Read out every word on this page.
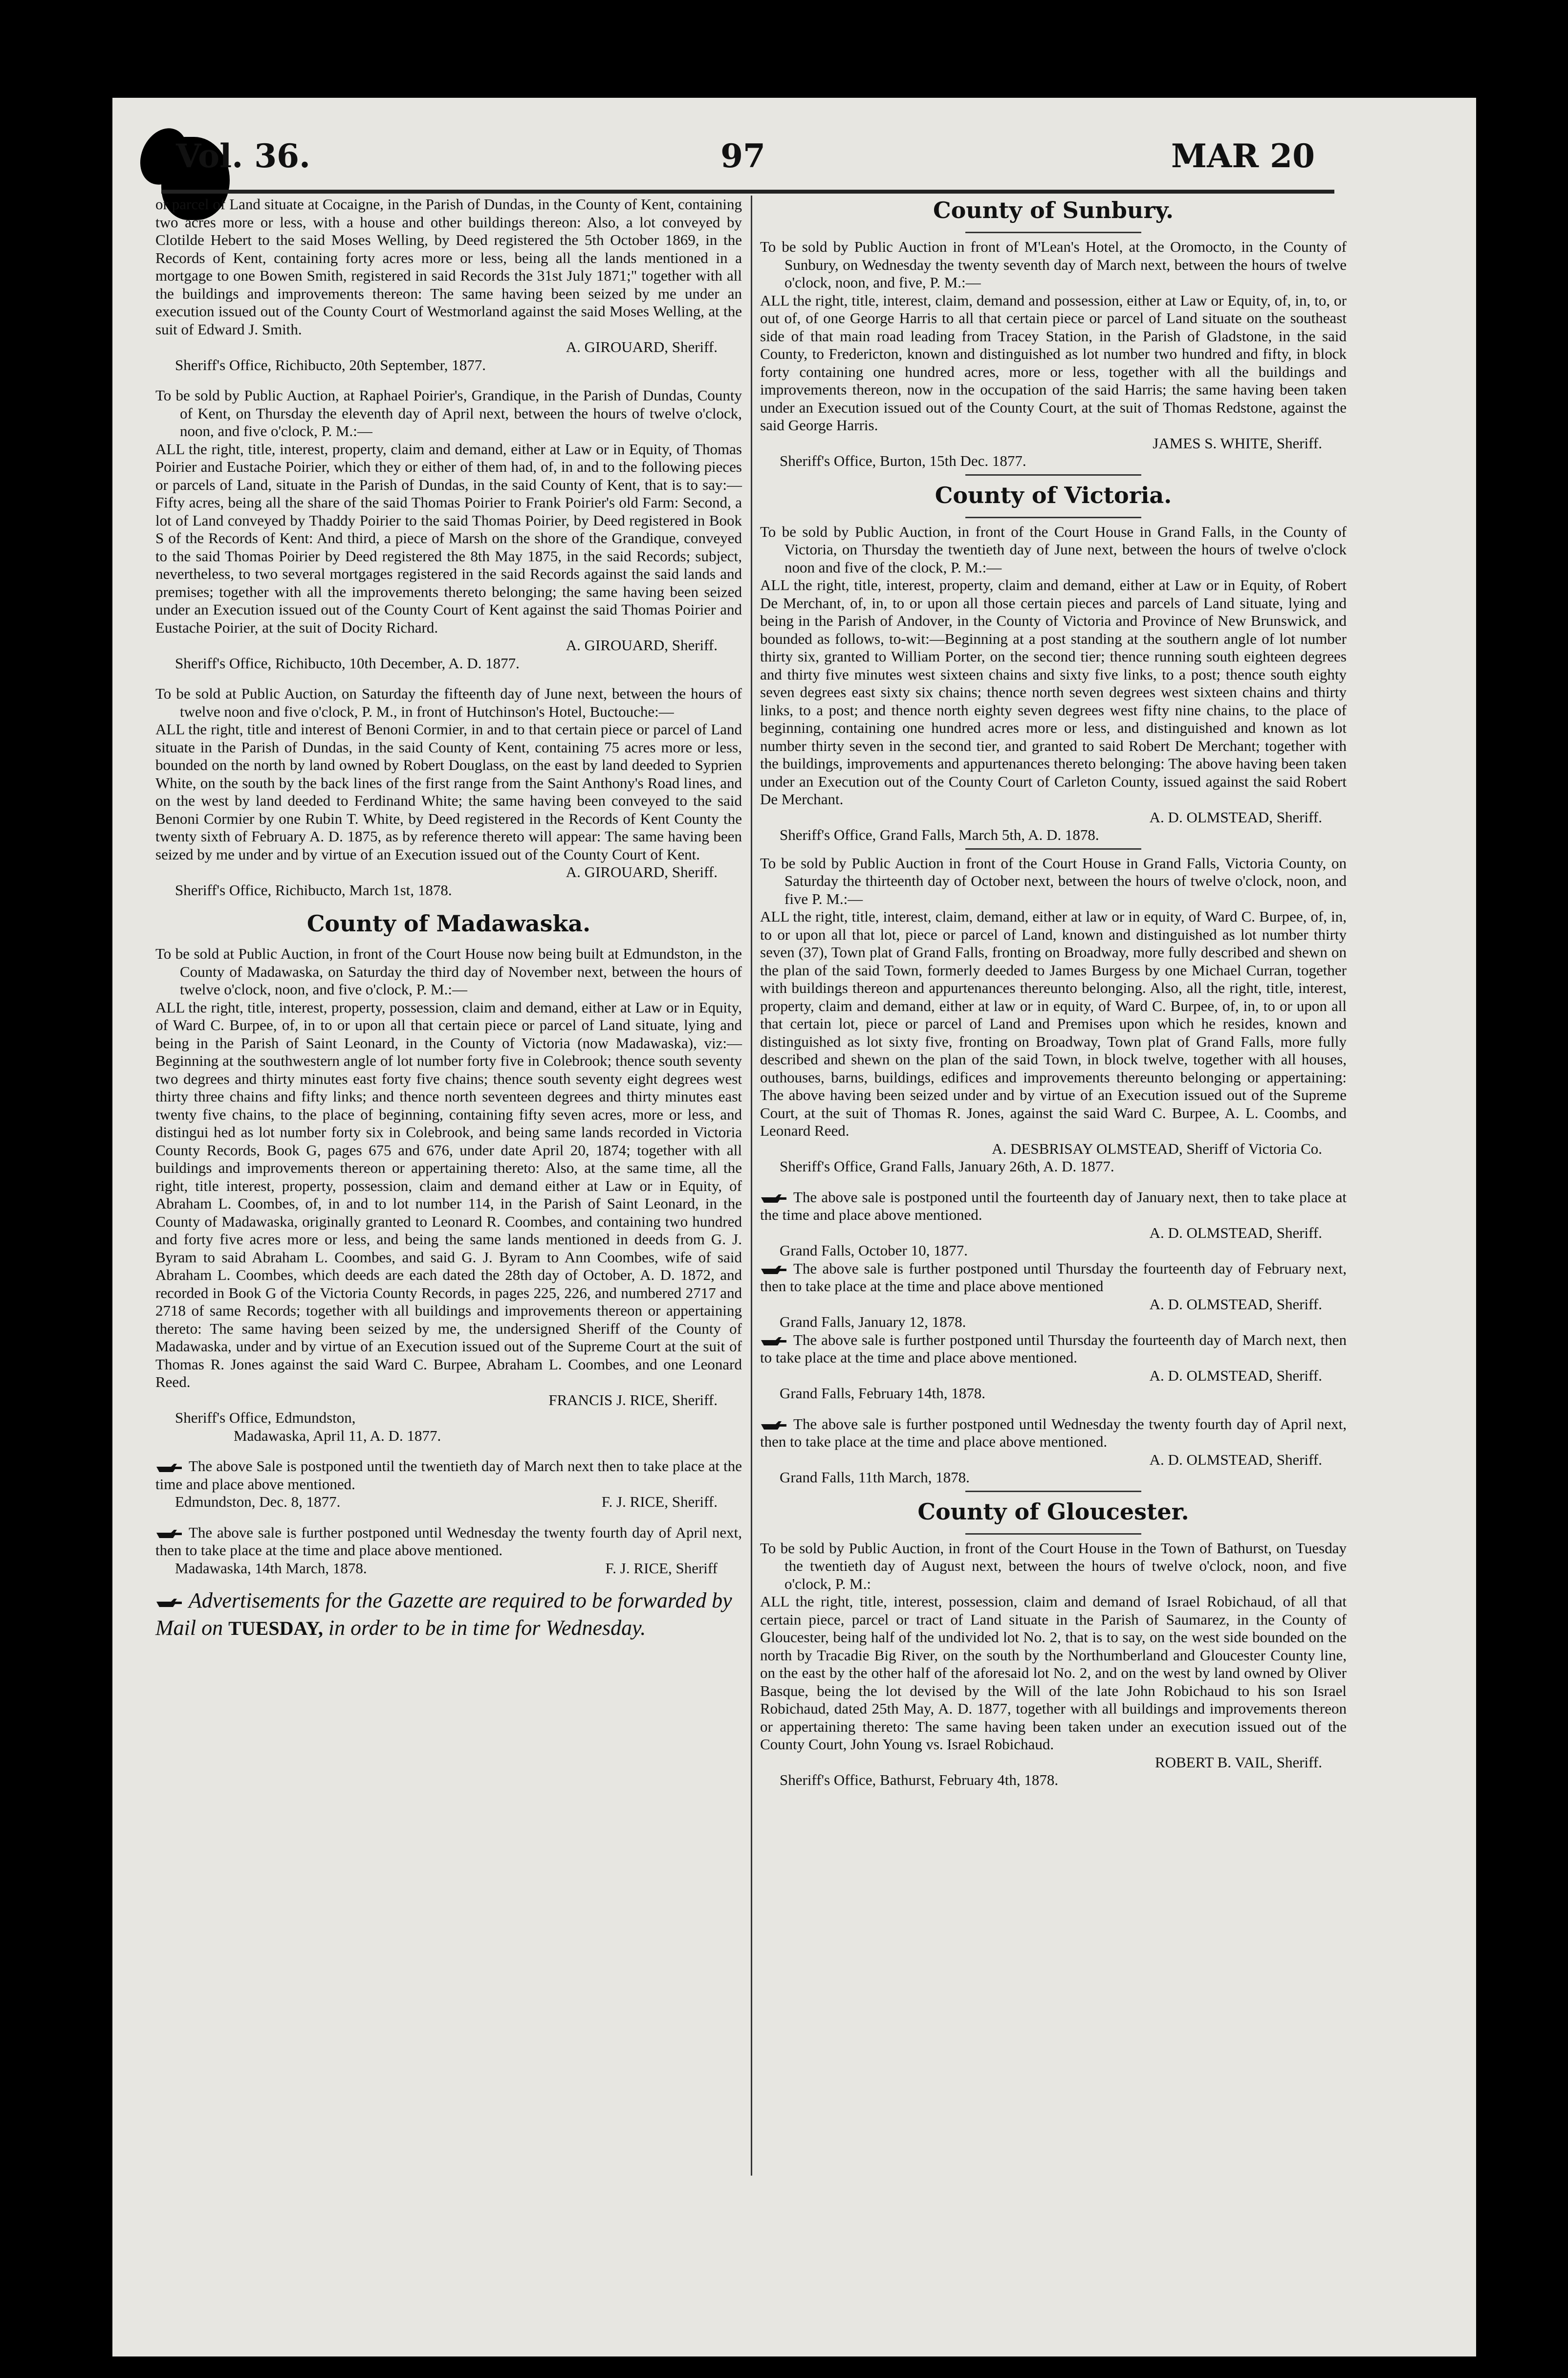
Vol. 36.	97	MAR 20

or parcel of Land situate at Cocaigne, in the Parish of Dundas, in the County of Kent, containing two acres more or less, with a house and other buildings thereon: Also, a lot conveyed by Clotilde Hebert to the said Moses Welling, by Deed registered the 5th October 1869, in the Records of Kent, containing forty acres more or less, being all the lands mentioned in a mortgage to one Bowen Smith, registered in said Records the 31st July 1871;" together with all the buildings and improvements thereon: The same having been seized by me under an execution issued out of the County Court of Westmorland against the said Moses Welling, at the suit of Edward J. Smith.

A. GIROUARD, Sheriff.

Sheriff's Office, Richibucto, 20th September, 1877.

To be sold by Public Auction, at Raphael Poirier's, Grandique, in the Parish of Dundas, County of Kent, on Thursday the eleventh day of April next, between the hours of twelve o'clock, noon, and five o'clock, P. M.:—

ALL the right, title, interest, property, claim and demand, either at Law or in Equity, of Thomas Poirier and Eustache Poirier, which they or either of them had, of, in and to the following pieces or parcels of Land, situate in the Parish of Dundas, in the said County of Kent, that is to say:—Fifty acres, being all the share of the said Thomas Poirier to Frank Poirier's old Farm: Second, a lot of Land conveyed by Thaddy Poirier to the said Thomas Poirier, by Deed registered in Book S of the Records of Kent: And third, a piece of Marsh on the shore of the Grandique, conveyed to the said Thomas Poirier by Deed registered the 8th May 1875, in the said Records; subject, nevertheless, to two several mortgages registered in the said Records against the said lands and premises; together with all the improvements thereto belonging; the same having been seized under an Execution issued out of the County Court of Kent against the said Thomas Poirier and Eustache Poirier, at the suit of Docity Richard.

A. GIROUARD, Sheriff.

Sheriff's Office, Richibucto, 10th December, A. D. 1877.

To be sold at Public Auction, on Saturday the fifteenth day of June next, between the hours of twelve noon and five o'clock, P. M., in front of Hutchinson's Hotel, Buctouche:—

ALL the right, title and interest of Benoni Cormier, in and to that certain piece or parcel of Land situate in the Parish of Dundas, in the said County of Kent, containing 75 acres more or less, bounded on the north by land owned by Robert Douglass, on the east by land deeded to Syprien White, on the south by the back lines of the first range from the Saint Anthony's Road lines, and on the west by land deeded to Ferdinand White; the same having been conveyed to the said Benoni Cormier by one Rubin T. White, by Deed registered in the Records of Kent County the twenty sixth of February A. D. 1875, as by reference thereto will appear: The same having been seized by me under and by virtue of an Execution issued out of the County Court of Kent.

A. GIROUARD, Sheriff.

Sheriff's Office, Richibucto, March 1st, 1878.

County of Madawaska.

To be sold at Public Auction, in front of the Court House now being built at Edmundston, in the County of Madawaska, on Saturday the third day of November next, between the hours of twelve o'clock, noon, and five o'clock, P. M.:—

ALL the right, title, interest, property, possession, claim and demand, either at Law or in Equity, of Ward C. Burpee, of, in to or upon all that certain piece or parcel of Land situate, lying and being in the Parish of Saint Leonard, in the County of Victoria (now Madawaska), viz:—Beginning at the southwestern angle of lot number forty five in Colebrook; thence south seventy two degrees and thirty minutes east forty five chains; thence south seventy eight degrees west thirty three chains and fifty links; and thence north seventeen degrees and thirty minutes east twenty five chains, to the place of beginning, containing fifty seven acres, more or less, and distingui hed as lot number forty six in Colebrook, and being same lands recorded in Victoria County Records, Book G, pages 675 and 676, under date April 20, 1874; together with all buildings and improvements thereon or appertaining thereto: Also, at the same time, all the right, title interest, property, possession, claim and demand either at Law or in Equity, of Abraham L. Coombes, of, in and to lot number 114, in the Parish of Saint Leonard, in the County of Madawaska, originally granted to Leonard R. Coombes, and containing two hundred and forty five acres more or less, and being the same lands mentioned in deeds from G. J. Byram to said Abraham L. Coombes, and said G. J. Byram to Ann Coombes, wife of said Abraham L. Coombes, which deeds are each dated the 28th day of October, A. D. 1872, and recorded in Book G of the Victoria County Records, in pages 225, 226, and numbered 2717 and 2718 of same Records; together with all buildings and improvements thereon or appertaining thereto: The same having been seized by me, the undersigned Sheriff of the County of Madawaska, under and by virtue of an Execution issued out of the Supreme Court at the suit of Thomas R. Jones against the said Ward C. Burpee, Abraham L. Coombes, and one Leonard Reed.

FRANCIS J. RICE, Sheriff.

Sheriff's Office, Edmundston,

Madawaska, April 11, A. D. 1877.

The above Sale is postponed until the twentieth day of March next then to take place at the time and place above mentioned.

Edmundston, Dec. 8, 1877.	F. J. RICE, Sheriff.

The above sale is further postponed until Wednesday the twenty fourth day of April next, then to take place at the time and place above mentioned.

Madawaska, 14th March, 1878.	F. J. RICE, Sheriff

Advertisements for the Gazette are required to be forwarded by Mail on TUESDAY, in order to be in time for Wednesday.

County of Sunbury.

To be sold by Public Auction in front of M'Lean's Hotel, at the Oromocto, in the County of Sunbury, on Wednesday the twenty seventh day of March next, between the hours of twelve o'clock, noon, and five, P. M.:—

ALL the right, title, interest, claim, demand and possession, either at Law or Equity, of, in, to, or out of, of one George Harris to all that certain piece or parcel of Land situate on the southeast side of that main road leading from Tracey Station, in the Parish of Gladstone, in the said County, to Fredericton, known and distinguished as lot number two hundred and fifty, in block forty containing one hundred acres, more or less, together with all the buildings and improvements thereon, now in the occupation of the said Harris; the same having been taken under an Execution issued out of the County Court, at the suit of Thomas Redstone, against the said George Harris.

JAMES S. WHITE, Sheriff.

Sheriff's Office, Burton, 15th Dec. 1877.

County of Victoria.

To be sold by Public Auction, in front of the Court House in Grand Falls, in the County of Victoria, on Thursday the twentieth day of June next, between the hours of twelve o'clock noon and five of the clock, P. M.:—

ALL the right, title, interest, property, claim and demand, either at Law or in Equity, of Robert De Merchant, of, in, to or upon all those certain pieces and parcels of Land situate, lying and being in the Parish of Andover, in the County of Victoria and Province of New Brunswick, and bounded as follows, to-wit:—Beginning at a post standing at the southern angle of lot number thirty six, granted to William Porter, on the second tier; thence running south eighteen degrees and thirty five minutes west sixteen chains and sixty five links, to a post; thence south eighty seven degrees east sixty six chains; thence north seven degrees west sixteen chains and thirty links, to a post; and thence north eighty seven degrees west fifty nine chains, to the place of beginning, containing one hundred acres more or less, and distinguished and known as lot number thirty seven in the second tier, and granted to said Robert De Merchant; together with the buildings, improvements and appurtenances thereto belonging: The above having been taken under an Execution out of the County Court of Carleton County, issued against the said Robert De Merchant.

A. D. OLMSTEAD, Sheriff.

Sheriff's Office, Grand Falls, March 5th, A. D. 1878.

To be sold by Public Auction in front of the Court House in Grand Falls, Victoria County, on Saturday the thirteenth day of October next, between the hours of twelve o'clock, noon, and five P. M.:—

ALL the right, title, interest, claim, demand, either at law or in equity, of Ward C. Burpee, of, in, to or upon all that lot, piece or parcel of Land, known and distinguished as lot number thirty seven (37), Town plat of Grand Falls, fronting on Broadway, more fully described and shewn on the plan of the said Town, formerly deeded to James Burgess by one Michael Curran, together with buildings thereon and appurtenances thereunto belonging. Also, all the right, title, interest, property, claim and demand, either at law or in equity, of Ward C. Burpee, of, in, to or upon all that certain lot, piece or parcel of Land and Premises upon which he resides, known and distinguished as lot sixty five, fronting on Broadway, Town plat of Grand Falls, more fully described and shewn on the plan of the said Town, in block twelve, together with all houses, outhouses, barns, buildings, edifices and improvements thereunto belonging or appertaining: The above having been seized under and by virtue of an Execution issued out of the Supreme Court, at the suit of Thomas R. Jones, against the said Ward C. Burpee, A. L. Coombs, and Leonard Reed.

A. DESBRISAY OLMSTEAD, Sheriff of Victoria Co.

Sheriff's Office, Grand Falls, January 26th, A. D. 1877.

The above sale is postponed until the fourteenth day of January next, then to take place at the time and place above mentioned.

A. D. OLMSTEAD, Sheriff.

Grand Falls, October 10, 1877.

The above sale is further postponed until Thursday the fourteenth day of February next, then to take place at the time and place above mentioned

A. D. OLMSTEAD, Sheriff.

Grand Falls, January 12, 1878.

The above sale is further postponed until Thursday the fourteenth day of March next, then to take place at the time and place above mentioned.

A. D. OLMSTEAD, Sheriff.

Grand Falls, February 14th, 1878.

The above sale is further postponed until Wednesday the twenty fourth day of April next, then to take place at the time and place above mentioned.

A. D. OLMSTEAD, Sheriff.

Grand Falls, 11th March, 1878.

County of Gloucester.

To be sold by Public Auction, in front of the Court House in the Town of Bathurst, on Tuesday the twentieth day of August next, between the hours of twelve o'clock, noon, and five o'clock, P. M.:

ALL the right, title, interest, possession, claim and demand of Israel Robichaud, of all that certain piece, parcel or tract of Land situate in the Parish of Saumarez, in the County of Gloucester, being half of the undivided lot No. 2, that is to say, on the west side bounded on the north by Tracadie Big River, on the south by the Northumberland and Gloucester County line, on the east by the other half of the aforesaid lot No. 2, and on the west by land owned by Oliver Basque, being the lot devised by the Will of the late John Robichaud to his son Israel Robichaud, dated 25th May, A. D. 1877, together with all buildings and improvements thereon or appertaining thereto: The same having been taken under an execution issued out of the County Court, John Young vs. Israel Robichaud.

ROBERT B. VAIL, Sheriff.

Sheriff's Office, Bathurst, February 4th, 1878.
